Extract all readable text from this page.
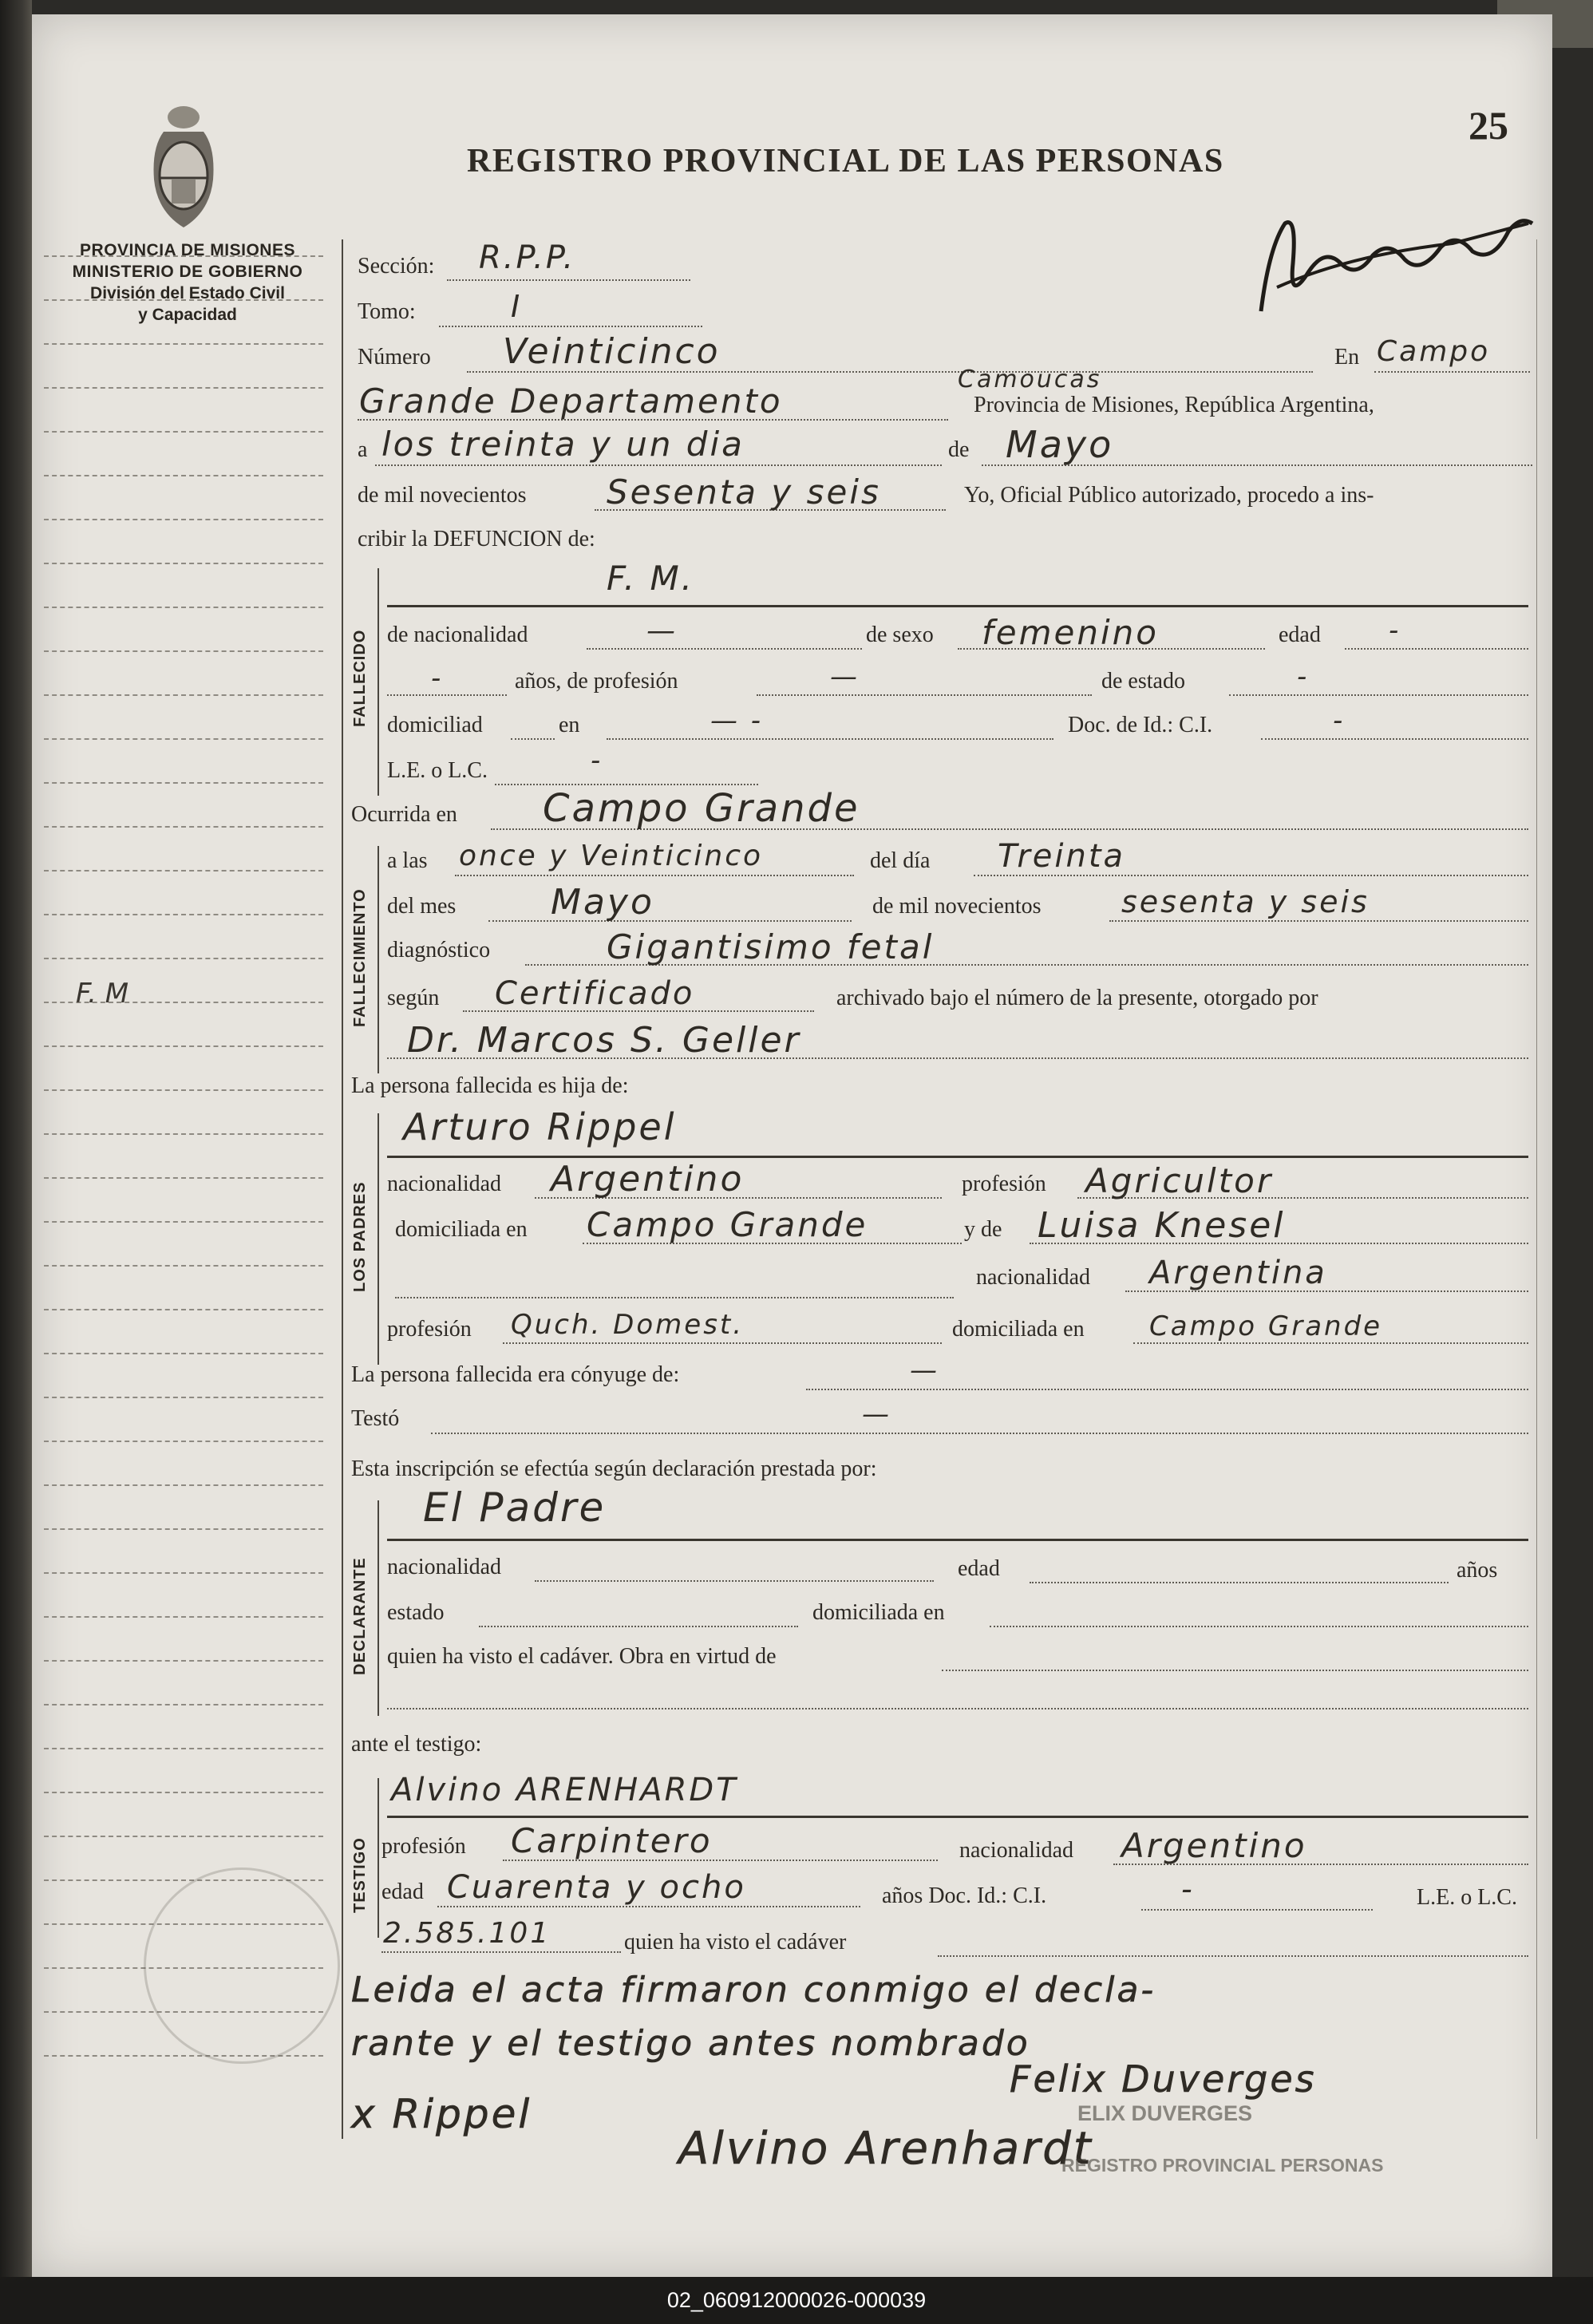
PROVINCIA DE MISIONES
MINISTERIO DE GOBIERNO
División del Estado Civil
y Capacidad
REGISTRO PROVINCIAL DE LAS PERSONAS
25
F. M
Sección: R.P.P.
Tomo:	I
Número Veinticinco	En Campo
Camoucas
Grande Departamento	Provincia de Misiones, República Argentina,
a los treinta y un dia	de Mayo
de mil novecientos Sesenta y seis	Yo, Oficial Público autorizado, procedo a ins-
cribir la DEFUNCION de:
FALLECIDO
F. M.
de nacionalidad	—	de sexo femenino	edad	-
-	años, de profesión	—	de estado	-
domiciliad	en	— -	Doc. de Id.: C.I.	-
L.E. o L.C.	-
Ocurrida en Campo Grande
FALLECIMIENTO
a las once y Veinticinco	del día Treinta
del mes	Mayo	de mil novecientos	sesenta y seis
diagnóstico	Gigantisimo fetal
según Certificado	archivado bajo el número de la presente, otorgado por
Dr. Marcos S. Geller
La persona fallecida es hija de:
LOS PADRES
Arturo Rippel
nacionalidad Argentino	profesión Agricultor
domiciliada en Campo Grande	y de Luisa Knesel
nacionalidad Argentina
profesión Quch. Domest.	domiciliada en Campo Grande
La persona fallecida era cónyuge de:	—
Testó	—
Esta inscripción se efectúa según declaración prestada por:
DECLARANTE
El Padre
nacionalidad	edad	años
estado	domiciliada en
quien ha visto el cadáver. Obra en virtud de
ante el testigo:
TESTIGO
Alvino ARENHARDT
profesión Carpintero	nacionalidad Argentino
edad Cuarenta y ocho	años Doc. Id.: C.I.	-	L.E. o L.C.
2.585.101	quien ha visto el cadáver
Leida el acta firmaron conmigo el decla-
rante y el testigo antes nombrado
x Rippel
Felix Duverges
Alvino Arenhardt
ELIX DUVERGES
REGISTRO PROVINCIAL PERSONAS
02_060912000026-000039
